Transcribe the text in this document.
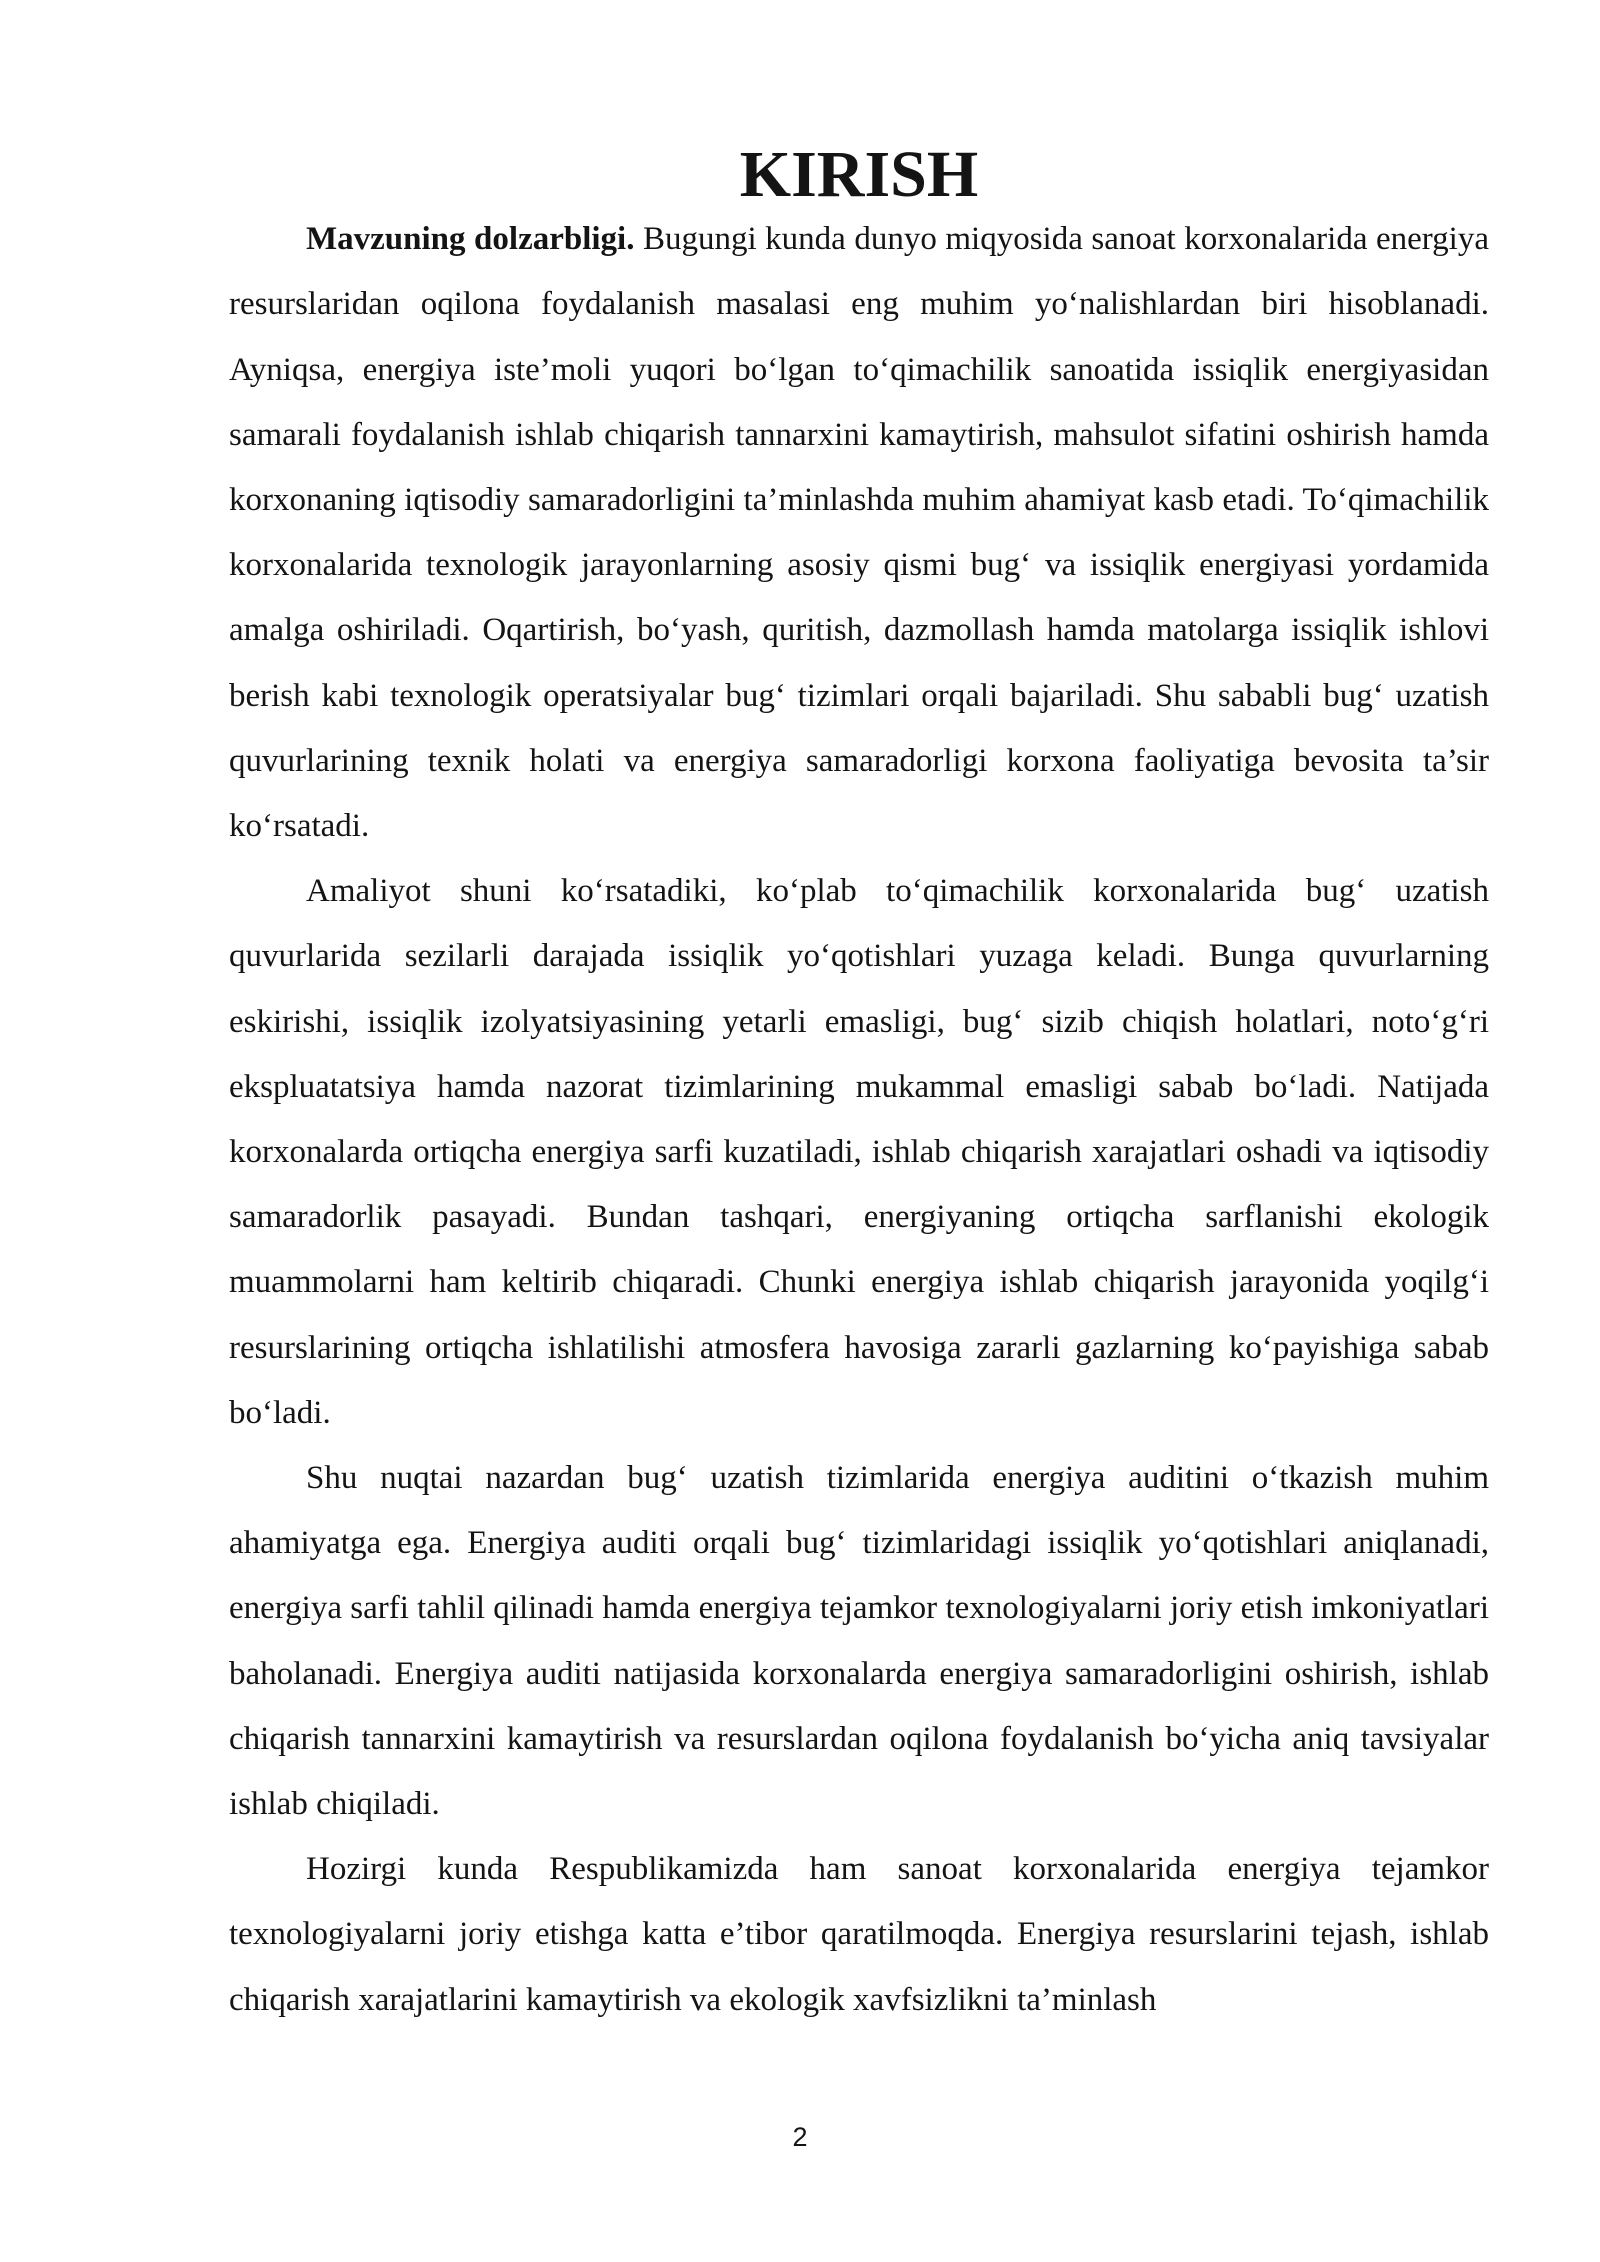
KIRISH

Mavzuning dolzarbligi. Bugungi kunda dunyo miqyosida sanoat korxonalarida energiya resurslaridan oqilona foydalanish masalasi eng muhim yo‘nalishlardan biri hisoblanadi. Ayniqsa, energiya iste’moli yuqori bo‘lgan to‘qimachilik sanoatida issiqlik energiyasidan samarali foydalanish ishlab chiqarish tannarxini kamaytirish, mahsulot sifatini oshirish hamda korxonaning iqtisodiy samaradorligini ta’minlashda muhim ahamiyat kasb etadi. To‘qimachilik korxonalarida texnologik jarayonlarning asosiy qismi bug‘ va issiqlik energiyasi yordamida amalga oshiriladi. Oqartirish, bo‘yash, quritish, dazmollash hamda matolarga issiqlik ishlovi berish kabi texnologik operatsiyalar bug‘ tizimlari orqali bajariladi. Shu sababli bug‘ uzatish quvurlarining texnik holati va energiya samaradorligi korxona faoliyatiga bevosita ta’sir ko‘rsatadi.

Amaliyot shuni ko‘rsatadiki, ko‘plab to‘qimachilik korxonalarida bug‘ uzatish quvurlarida sezilarli darajada issiqlik yo‘qotishlari yuzaga keladi. Bunga quvurlarning eskirishi, issiqlik izolyatsiyasining yetarli emasligi, bug‘ sizib chiqish holatlari, noto‘g‘ri ekspluatatsiya hamda nazorat tizimlarining mukammal emasligi sabab bo‘ladi. Natijada korxonalarda ortiqcha energiya sarfi kuzatiladi, ishlab chiqarish xarajatlari oshadi va iqtisodiy samaradorlik pasayadi. Bundan tashqari, energiyaning ortiqcha sarflanishi ekologik muammolarni ham keltirib chiqaradi. Chunki energiya ishlab chiqarish jarayonida yoqilg‘i resurslarining ortiqcha ishlatilishi atmosfera havosiga zararli gazlarning ko‘payishiga sabab bo‘ladi.

Shu nuqtai nazardan bug‘ uzatish tizimlarida energiya auditini o‘tkazish muhim ahamiyatga ega. Energiya auditi orqali bug‘ tizimlaridagi issiqlik yo‘qotishlari aniqlanadi, energiya sarfi tahlil qilinadi hamda energiya tejamkor texnologiyalarni joriy etish imkoniyatlari baholanadi. Energiya auditi natijasida korxonalarda energiya samaradorligini oshirish, ishlab chiqarish tannarxini kamaytirish va resurslardan oqilona foydalanish bo‘yicha aniq tavsiyalar ishlab chiqiladi.

Hozirgi kunda Respublikamizda ham sanoat korxonalarida energiya tejamkor texnologiyalarni joriy etishga katta e’tibor qaratilmoqda. Energiya resurslarini tejash, ishlab chiqarish xarajatlarini kamaytirish va ekologik xavfsizlikni ta’minlash

2
